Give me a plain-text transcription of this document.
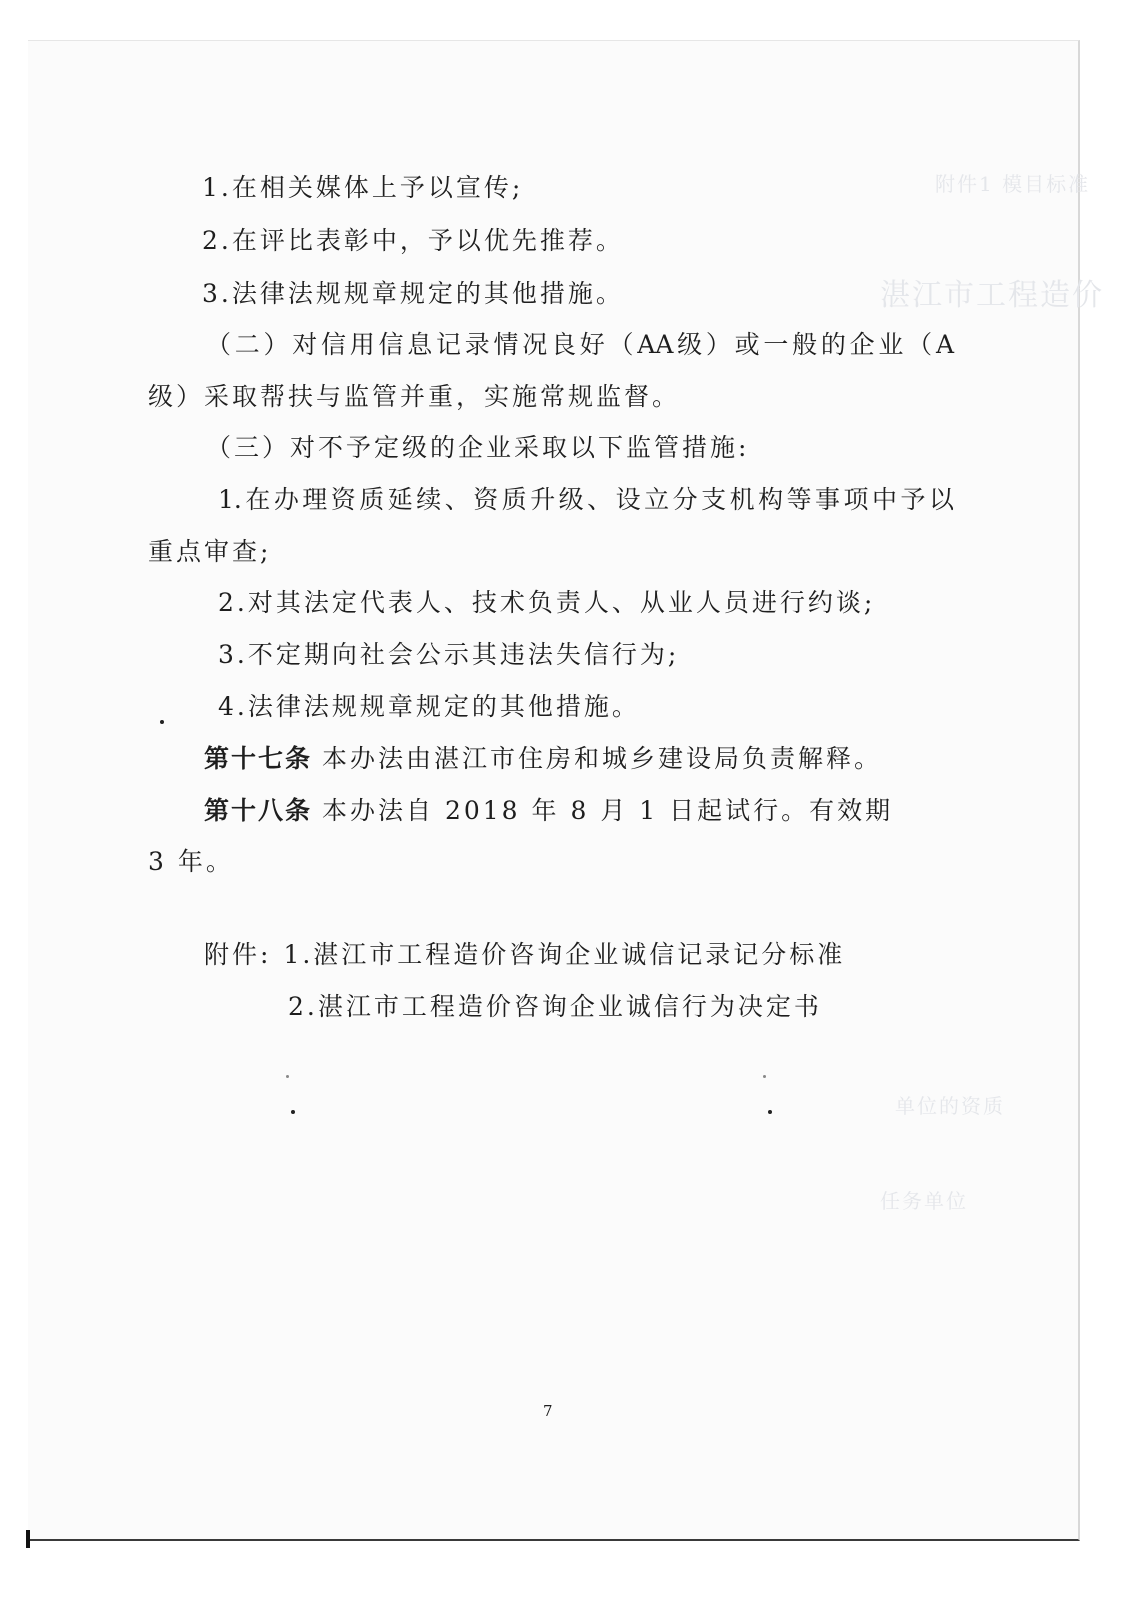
附件1 模目标准
湛江市工程造价
单位的资质
任务单位
1.在相关媒体上予以宣传;
2.在评比表彰中，予以优先推荐。
3.法律法规规章规定的其他措施。
（二）对信用信息记录情况良好（AA级）或一般的企业（A
级）采取帮扶与监管并重，实施常规监督。
（三）对不予定级的企业采取以下监管措施:
1.在办理资质延续、资质升级、设立分支机构等事项中予以
重点审查;
2.对其法定代表人、技术负责人、从业人员进行约谈;
3.不定期向社会公示其违法失信行为;
4.法律法规规章规定的其他措施。
第十七条 本办法由湛江市住房和城乡建设局负责解释。
第十八条 本办法自 2018 年 8 月 1 日起试行。有效期
3 年。
附件: 1.湛江市工程造价咨询企业诚信记录记分标准
2.湛江市工程造价咨询企业诚信行为决定书
7
